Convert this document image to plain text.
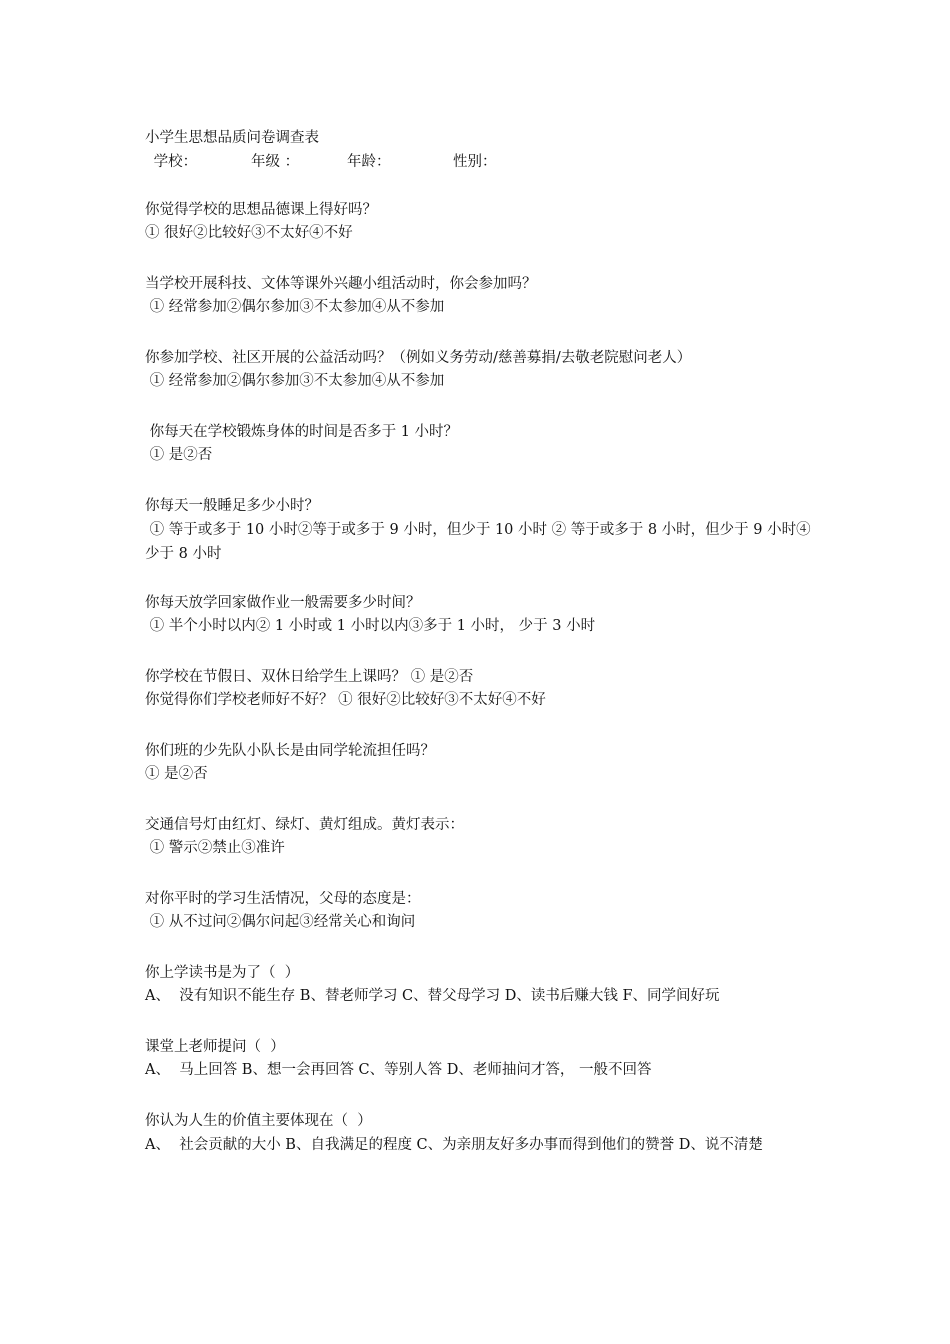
小学生思想品质问卷调查表
学校：	年级 ：	年龄：	性别：
你觉得学校的思想品德课上得好吗？
① 很好②比较好③不太好④不好
当学校开展科技、文体等课外兴趣小组活动时，你会参加吗？
① 经常参加②偶尔参加③不太参加④从不参加
你参加学校、社区开展的公益活动吗？（例如义务劳动/慈善募捐/去敬老院慰问老人）
① 经常参加②偶尔参加③不太参加④从不参加
你每天在学校锻炼身体的时间是否多于 1 小时？
① 是②否
你每天一般睡足多少小时？
① 等于或多于 10 小时②等于或多于 9 小时，但少于 10 小时 ② 等于或多于 8 小时，但少于 9 小时④少于 8 小时
你每天放学回家做作业一般需要多少时间？
① 半个小时以内② 1 小时或 1 小时以内③多于 1 小时， 少于 3 小时
你学校在节假日、双休日给学生上课吗？ ① 是②否
你觉得你们学校老师好不好？ ① 很好②比较好③不太好④不好
你们班的少先队小队长是由同学轮流担任吗？
① 是②否
交通信号灯由红灯、绿灯、黄灯组成。黄灯表示：
① 警示②禁止③准许
对你平时的学习生活情况，父母的态度是：
① 从不过问②偶尔问起③经常关心和询问
你上学读书是为了（  ）
A、  没有知识不能生存 B、替老师学习 C、替父母学习 D、读书后赚大钱 F、同学间好玩
课堂上老师提问（  ）
A、  马上回答 B、想一会再回答 C、等别人答 D、老师抽问才答， 一般不回答
你认为人生的价值主要体现在（  ）
A、  社会贡献的大小 B、自我满足的程度 C、为亲朋友好多办事而得到他们的赞誉 D、说不清楚
